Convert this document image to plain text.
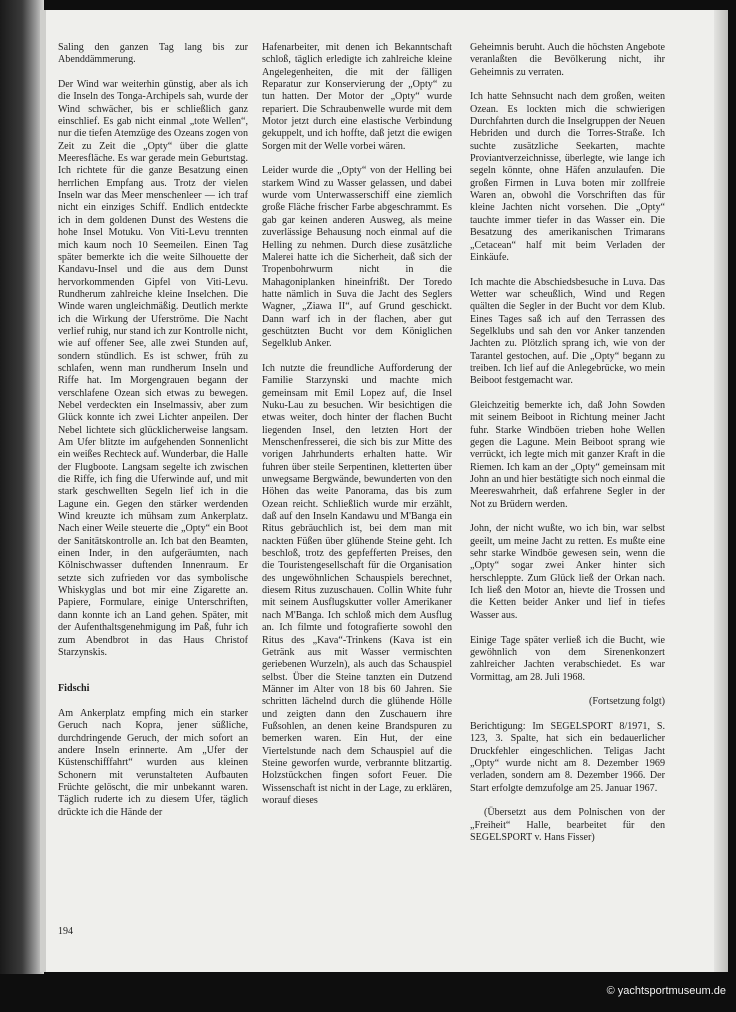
Saling den ganzen Tag lang bis zur Abenddämmerung.

Der Wind war weiterhin günstig, aber als ich die Inseln des Tonga-Archipels sah, wurde der Wind schwächer, bis er schließlich ganz einschlief. Es gab nicht einmal „tote Wellen“, nur die tiefen Atemzüge des Ozeans zogen von Zeit zu Zeit die „Opty“ über die glatte Meeresfläche. Es war gerade mein Geburtstag. Ich richtete für die ganze Besatzung einen herrlichen Empfang aus. Trotz der vielen Inseln war das Meer menschenleer — ich traf nicht ein einziges Schiff. Endlich entdeckte ich in dem goldenen Dunst des Westens die hohe Insel Motuku. Von Viti-Levu trennten mich kaum noch 10 Seemeilen. Einen Tag später bemerkte ich die weite Silhouette der Kandavu-Insel und die aus dem Dunst hervorkommenden Gipfel von Viti-Levu. Rundherum zahlreiche kleine Inselchen. Die Winde waren ungleichmäßig. Deutlich merkte ich die Wirkung der Uferströme. Die Nacht verlief ruhig, nur stand ich zur Kontrolle nicht, wie auf offener See, alle zwei Stunden auf, sondern stündlich. Es ist schwer, früh zu schlafen, wenn man rundherum Inseln und Riffe hat. Im Morgengrauen begann der verschlafene Ozean sich etwas zu bewegen. Nebel verdeckten ein Inselmassiv, aber zum Glück konnte ich zwei Lichter anpeilen. Der Nebel lichtete sich glücklicherweise langsam. Am Ufer blitzte im aufgehenden Sonnenlicht ein weißes Rechteck auf. Wunderbar, die Halle der Flugboote. Langsam segelte ich zwischen die Riffe, ich fing die Uferwinde auf, und mit stark geschwellten Segeln lief ich in die Lagune ein. Gegen den stärker werdenden Wind kreuzte ich mühsam zum Ankerplatz. Nach einer Weile steuerte die „Opty“ ein Boot der Sanitätskontrolle an. Ich bat den Beamten, einen Inder, in den aufgeräumten, nach Kölnischwasser duftenden Innenraum. Er setzte sich zufrieden vor das symbolische Whiskyglas und bot mir eine Zigarette an. Papiere, Formulare, einige Unterschriften, dann konnte ich an Land gehen. Später, mit der Aufenthaltsgenehmigung im Paß, fuhr ich zum Abendbrot in das Haus Christof Starzynskis.

Fidschi

Am Ankerplatz empfing mich ein starker Geruch nach Kopra, jener süßliche, durchdringende Geruch, der mich sofort an andere Inseln erinnerte. Am „Ufer der Küstenschifffahrt“ wurden aus kleinen Schonern mit verunstalteten Aufbauten Früchte gelöscht, die mir unbekannt waren. Täglich ruderte ich zu diesem Ufer, täglich drückte ich die Hände der

Hafenarbeiter, mit denen ich Bekanntschaft schloß, täglich erledigte ich zahlreiche kleine Angelegenheiten, die mit der fälligen Reparatur zur Konservierung der „Opty“ zu tun hatten. Der Motor der „Opty“ wurde repariert. Die Schraubenwelle wurde mit dem Motor jetzt durch eine elastische Verbindung gekuppelt, und ich hoffte, daß jetzt die ewigen Sorgen mit der Welle vorbei wären.

Leider wurde die „Opty“ von der Helling bei starkem Wind zu Wasser gelassen, und dabei wurde vom Unterwasserschiff eine ziemlich große Fläche frischer Farbe abgeschrammt. Es gab gar keinen anderen Ausweg, als meine zuverlässige Behausung noch einmal auf die Helling zu nehmen. Durch diese zusätzliche Malerei hatte ich die Sicherheit, daß sich der Tropenbohrwurm nicht in die Mahagoniplanken hineinfrißt. Der Toredo hatte nämlich in Suva die Jacht des Seglers Wagner, „Ziawa II“, auf Grund geschickt. Dann warf ich in der flachen, aber gut geschützten Bucht vor dem Königlichen Segelklub Anker.

Ich nutzte die freundliche Aufforderung der Familie Starzynski und machte mich gemeinsam mit Emil Lopez auf, die Insel Nuku-Lau zu besuchen. Wir besichtigen die etwas weiter, doch hinter der flachen Bucht liegenden Insel, den letzten Hort der Menschenfresserei, die sich bis zur Mitte des vorigen Jahrhunderts erhalten hatte. Wir fuhren über steile Serpentinen, kletterten über unwegsame Bergwände, bewunderten von den Höhen das weite Panorama, das bis zum Ozean reicht. Schließlich wurde mir erzählt, daß auf den Inseln Kandawu und M'Banga ein Ritus gebräuchlich ist, bei dem man mit nackten Füßen über glühende Steine geht. Ich beschloß, trotz des gepfefferten Preises, den die Touristengesellschaft für die Organisation des ungewöhnlichen Schauspiels berechnet, diesem Ritus zuzuschauen. Collin White fuhr mit seinem Ausflugskutter voller Amerikaner nach M'Banga. Ich schloß mich dem Ausflug an. Ich filmte und fotografierte sowohl den Ritus des „Kava“-Trinkens (Kava ist ein Getränk aus mit Wasser vermischten geriebenen Wurzeln), als auch das Schauspiel selbst. Über die Steine tanzten ein Dutzend Männer im Alter von 18 bis 60 Jahren. Sie schritten lächelnd durch die glühende Hölle und zeigten dann den Zuschauern ihre Fußsohlen, an denen keine Brandspuren zu bemerken waren. Ein Hut, der eine Viertelstunde nach dem Schauspiel auf die Steine geworfen wurde, verbrannte blitzartig. Holzstückchen fingen sofort Feuer. Die Wissenschaft ist nicht in der Lage, zu erklären, worauf dieses

Geheimnis beruht. Auch die höchsten Angebote veranlaßten die Bevölkerung nicht, ihr Geheimnis zu verraten.

Ich hatte Sehnsucht nach dem großen, weiten Ozean. Es lockten mich die schwierigen Durchfahrten durch die Inselgruppen der Neuen Hebriden und durch die Torres-Straße. Ich suchte zusätzliche Seekarten, machte Proviantverzeichnisse, überlegte, wie lange ich segeln könnte, ohne Häfen anzulaufen. Die großen Firmen in Luva boten mir zollfreie Waren an, obwohl die Vorschriften das für kleine Jachten nicht vorsehen. Die „Opty“ tauchte immer tiefer in das Wasser ein. Die Besatzung des amerikanischen Trimarans „Cetacean“ half mit beim Verladen der Einkäufe.

Ich machte die Abschiedsbesuche in Luva. Das Wetter war scheußlich, Wind und Regen quälten die Segler in der Bucht vor dem Klub. Eines Tages saß ich auf den Terrassen des Segelklubs und sah den vor Anker tanzenden Jachten zu. Plötzlich sprang ich, wie von der Tarantel gestochen, auf. Die „Opty“ begann zu treiben. Ich lief auf die Anlegebrücke, wo mein Beiboot festgemacht war.

Gleichzeitig bemerkte ich, daß John Sowden mit seinem Beiboot in Richtung meiner Jacht fuhr. Starke Windböen trieben hohe Wellen gegen die Lagune. Mein Beiboot sprang wie verrückt, ich legte mich mit ganzer Kraft in die Riemen. Ich kam an der „Opty“ gemeinsam mit John an und hier bestätigte sich noch einmal die Meereswahrheit, daß erfahrene Segler in der Not zu Brüdern werden.

John, der nicht wußte, wo ich bin, war selbst geeilt, um meine Jacht zu retten. Es mußte eine sehr starke Windböe gewesen sein, wenn die „Opty“ sogar zwei Anker hinter sich herschleppte. Zum Glück ließ der Orkan nach. Ich ließ den Motor an, hievte die Trossen und die Ketten beider Anker und lief in tiefes Wasser aus.

Einige Tage später verließ ich die Bucht, wie gewöhnlich von dem Sirenenkonzert zahlreicher Jachten verabschiedet. Es war Vormittag, am 28. Juli 1968.

(Fortsetzung folgt)

Berichtigung: Im SEGELSPORT 8/1971, S. 123, 3. Spalte, hat sich ein bedauerlicher Druckfehler eingeschlichen. Teligas Jacht „Opty“ wurde nicht am 8. Dezember 1969 verladen, sondern am 8. Dezember 1966. Der Start erfolgte demzufolge am 25. Januar 1967.

(Übersetzt aus dem Polnischen von der „Freiheit“ Halle, bearbeitet für den SEGELSPORT v. Hans Fisser)

194
© yachtsportmuseum.de
